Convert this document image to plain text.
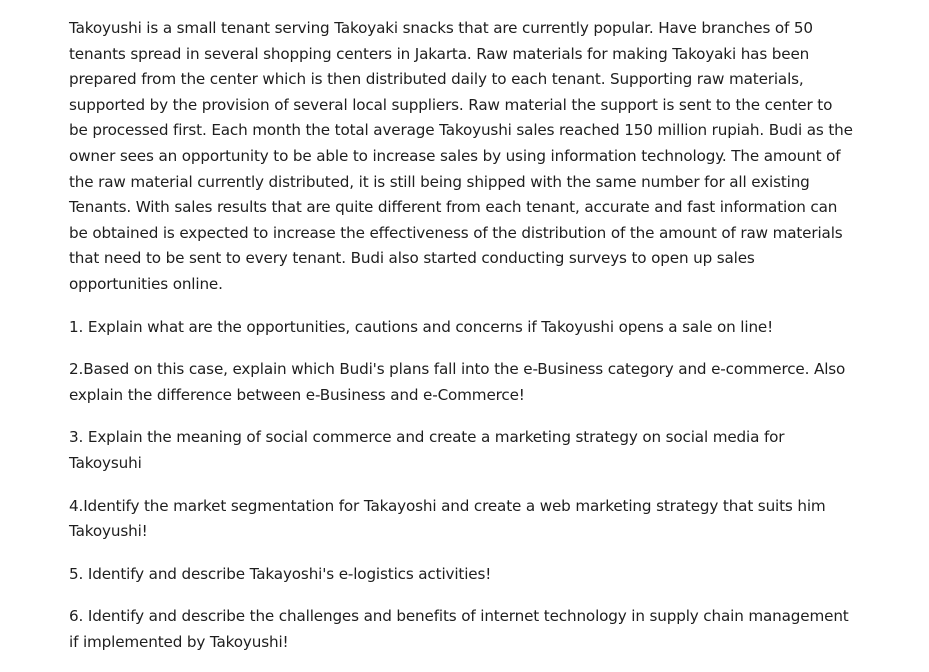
Takoyushi is a small tenant serving Takoyaki snacks that are currently popular. Have branches of 50 tenants spread in several shopping centers in Jakarta. Raw materials for making Takoyaki has been prepared from the center which is then distributed daily to each tenant. Supporting raw materials, supported by the provision of several local suppliers. Raw material the support is sent to the center to be processed first. Each month the total average Takoyushi sales reached 150 million rupiah. Budi as the owner sees an opportunity to be able to increase sales by using information technology. The amount of the raw material currently distributed, it is still being shipped with the same number for all existing Tenants. With sales results that are quite different from each tenant, accurate and fast information can be obtained is expected to increase the effectiveness of the distribution of the amount of raw materials that need to be sent to every tenant. Budi also started conducting surveys to open up sales opportunities online.

1. Explain what are the opportunities, cautions and concerns if Takoyushi opens a sale on line!

2.Based on this case, explain which Budi's plans fall into the e-Business category and e-commerce. Also explain the difference between e-Business and e-Commerce!

3. Explain the meaning of social commerce and create a marketing strategy on social media for Takoysuhi

4.Identify the market segmentation for Takayoshi and create a web marketing strategy that suits him Takoyushi!

5. Identify and describe Takayoshi's e-logistics activities!

6. Identify and describe the challenges and benefits of internet technology in supply chain management if implemented by Takoyushi!
